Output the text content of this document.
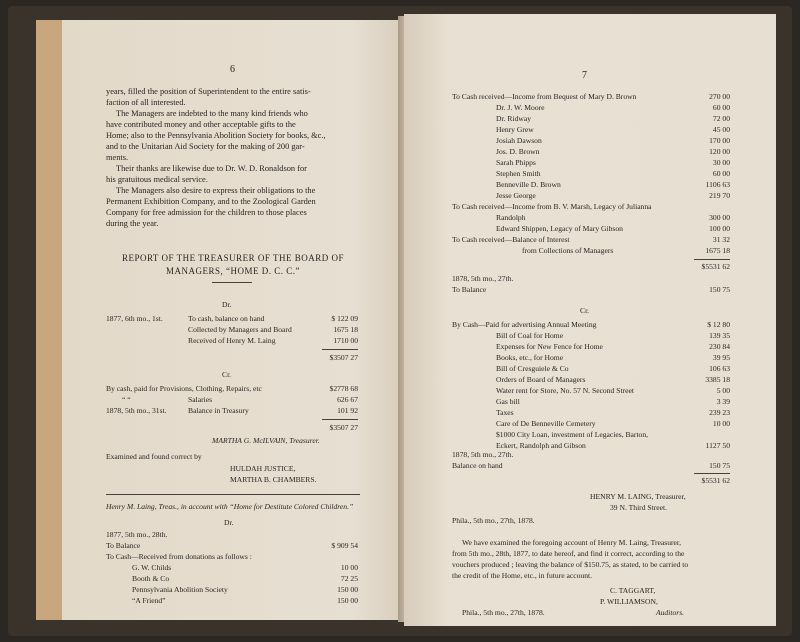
6
years, filled the position of Superintendent to the entire satis-
faction of all interested.
The Managers are indebted to the many kind friends who
have contributed money and other acceptable gifts to the
Home; also to the Pennsylvania Abolition Society for books, &c.,
and to the Unitarian Aid Society for the making of 200 gar-
ments.
Their thanks are likewise due to Dr. W. D. Ronaldson for
his gratuitous medical service.
The Managers also desire to express their obligations to the
Permanent Exhibition Company, and to the Zoological Garden
Company for free admission for the children to those places
during the year.
REPORT OF THE TREASURER OF THE BOARD OF
MANAGERS, “HOME D. C. C.”
Dr.
1877, 6th mo., 1st.	To cash, balance on hand	$ 122 09
Collected by Managers and Board	1675 18
Received of Henry M. Laing	1710 00
$3507 27
Cr.
By cash, paid for Provisions, Clothing, Repairs, etc	$2778 68
“ “	Salaries	626 67
1878, 5th mo., 31st.	Balance in Treasury	101 92
$3507 27
MARTHA G. McILVAIN, Treasurer.
Examined and found correct by
HULDAH JUSTICE,
MARTHA B. CHAMBERS.
Henry M. Laing, Treas., in account with “Home for Destitute Colored Children.”
Dr.
1877, 5th mo., 28th.
To Balance	$ 909 54
To Cash—Received from donations as follows :
G. W. Childs	10 00
Booth & Co	72 25
Pennsylvania Abolition Society	150 00
“A Friend”	150 00
7
To Cash received—Income from Bequest of Mary D. Brown	270 00
Dr. J. W. Moore	60 00
Dr. Ridway	72 00
Henry Grew	45 00
Josiah Dawson	170 00
Jos. D. Brown	120 00
Sarah Phipps	30 00
Stephen Smith	60 00
Benneville D. Brown	1106 63
Jesse George	219 70
To Cash received—Income from B. V. Marsh, Legacy of Julianna
Randolph	300 00
Edward Shippen, Legacy of Mary Gibson	100 00
To Cash received—Balance of Interest	31 32
from Collections of Managers	1675 18
$5531 62
1878, 5th mo., 27th.
To Balance	150 75
Cr.
By Cash—Paid for advertising Annual Meeting	$ 12 80
Bill of Coal for Home	139 35
Expenses for New Fence for Home	230 84
Books, etc., for Home	39 95
Bill of Cresguiele & Co	106 63
Orders of Board of Managers	3385 18
Water rent for Store, No. 57 N. Second Street	5 00
Gas bill	3 39
Taxes	239 23
Care of De Benneville Cemetery	10 00
$1000 City Loan, investment of Legacies, Barton,
Eckert, Randolph and Gibson	1127 50
1878, 5th mo., 27th.
Balance on hand	150 75
$5531 62
HENRY M. LAING, Treasurer,
39 N. Third Street.
Phila., 5th mo., 27th, 1878.
We have examined the foregoing account of Henry M. Laing, Treasurer,
from 5th mo., 28th, 1877, to date hereof, and find it correct, according to the
vouchers produced ; leaving the balance of $150.75, as stated, to be carried to
the credit of the Home, etc., in future account.
C. TAGGART,
P. WILLIAMSON,
Phila., 5th mo., 27th, 1878.	Auditors.
